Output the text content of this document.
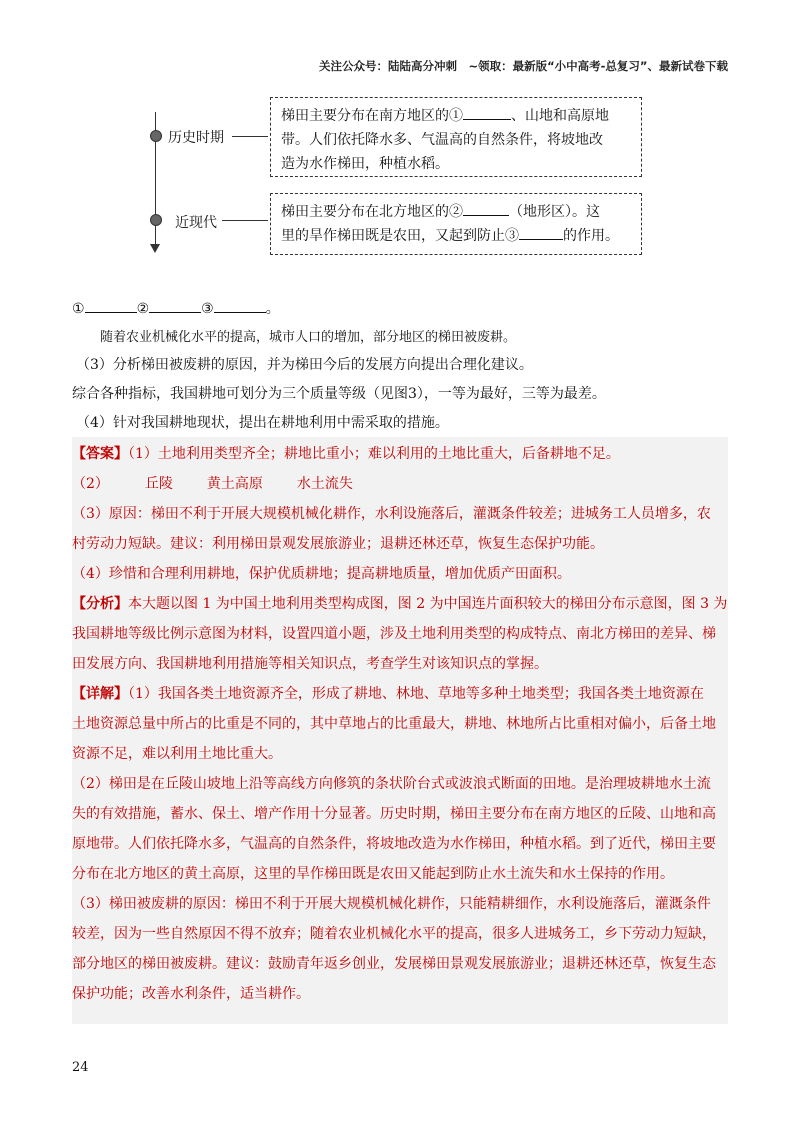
关注公众号：陆陆高分冲刺　~领取：最新版“小中高考-总复习”、最新试卷下载
历史时期
梯田主要分布在南方地区的①	、山地和高原地
带。人们依托降水多、气温高的自然条件，将坡地改
造为水作梯田，种植水稻。
近现代
梯田主要分布在北方地区的②	（地形区）。这
里的旱作梯田既是农田，又起到防止③	的作用。
①	②	③	。
随着农业机械化水平的提高，城市人口的增加，部分地区的梯田被废耕。
（3）分析梯田被废耕的原因，并为梯田今后的发展方向提出合理化建议。
综合各种指标，我国耕地可划分为三个质量等级（见图3），一等为最好，三等为最差。
（4）针对我国耕地现状，提出在耕地利用中需采取的措施。
【答案】（1）土地利用类型齐全；耕地比重小；难以利用的土地比重大，后备耕地不足。
（2）	丘陵 黄土高原 水土流失
（3）原因：梯田不利于开展大规模机械化耕作，水利设施落后，灌溉条件较差；进城务工人员增多，农
村劳动力短缺。建议：利用梯田景观发展旅游业；退耕还林还草，恢复生态保护功能。
（4）珍惜和合理利用耕地，保护优质耕地；提高耕地质量，增加优质产田面积。
【分析】本大题以图 1 为中国土地利用类型构成图，图 2 为中国连片面积较大的梯田分布示意图，图 3 为
我国耕地等级比例示意图为材料，设置四道小题，涉及土地利用类型的构成特点、南北方梯田的差异、梯
田发展方向、我国耕地利用措施等相关知识点，考查学生对该知识点的掌握。
【详解】（1）我国各类土地资源齐全，形成了耕地、林地、草地等多种土地类型；我国各类土地资源在
土地资源总量中所占的比重是不同的，其中草地占的比重最大，耕地、林地所占比重相对偏小，后备土地
资源不足，难以利用土地比重大。
（2）梯田是在丘陵山坡地上沿等高线方向修筑的条状阶台式或波浪式断面的田地。是治理坡耕地水土流
失的有效措施，蓄水、保土、增产作用十分显著。历史时期，梯田主要分布在南方地区的丘陵、山地和高
原地带。人们依托降水多，气温高的自然条件，将坡地改造为水作梯田，种植水稻。到了近代，梯田主要
分布在北方地区的黄土高原，这里的旱作梯田既是农田又能起到防止水土流失和水土保持的作用。
（3）梯田被废耕的原因：梯田不利于开展大规模机械化耕作，只能精耕细作，水利设施落后，灌溉条件
较差，因为一些自然原因不得不放弃；随着农业机械化水平的提高，很多人进城务工，乡下劳动力短缺，
部分地区的梯田被废耕。建议：鼓励青年返乡创业，发展梯田景观发展旅游业；退耕还林还草，恢复生态
保护功能；改善水利条件，适当耕作。
24
